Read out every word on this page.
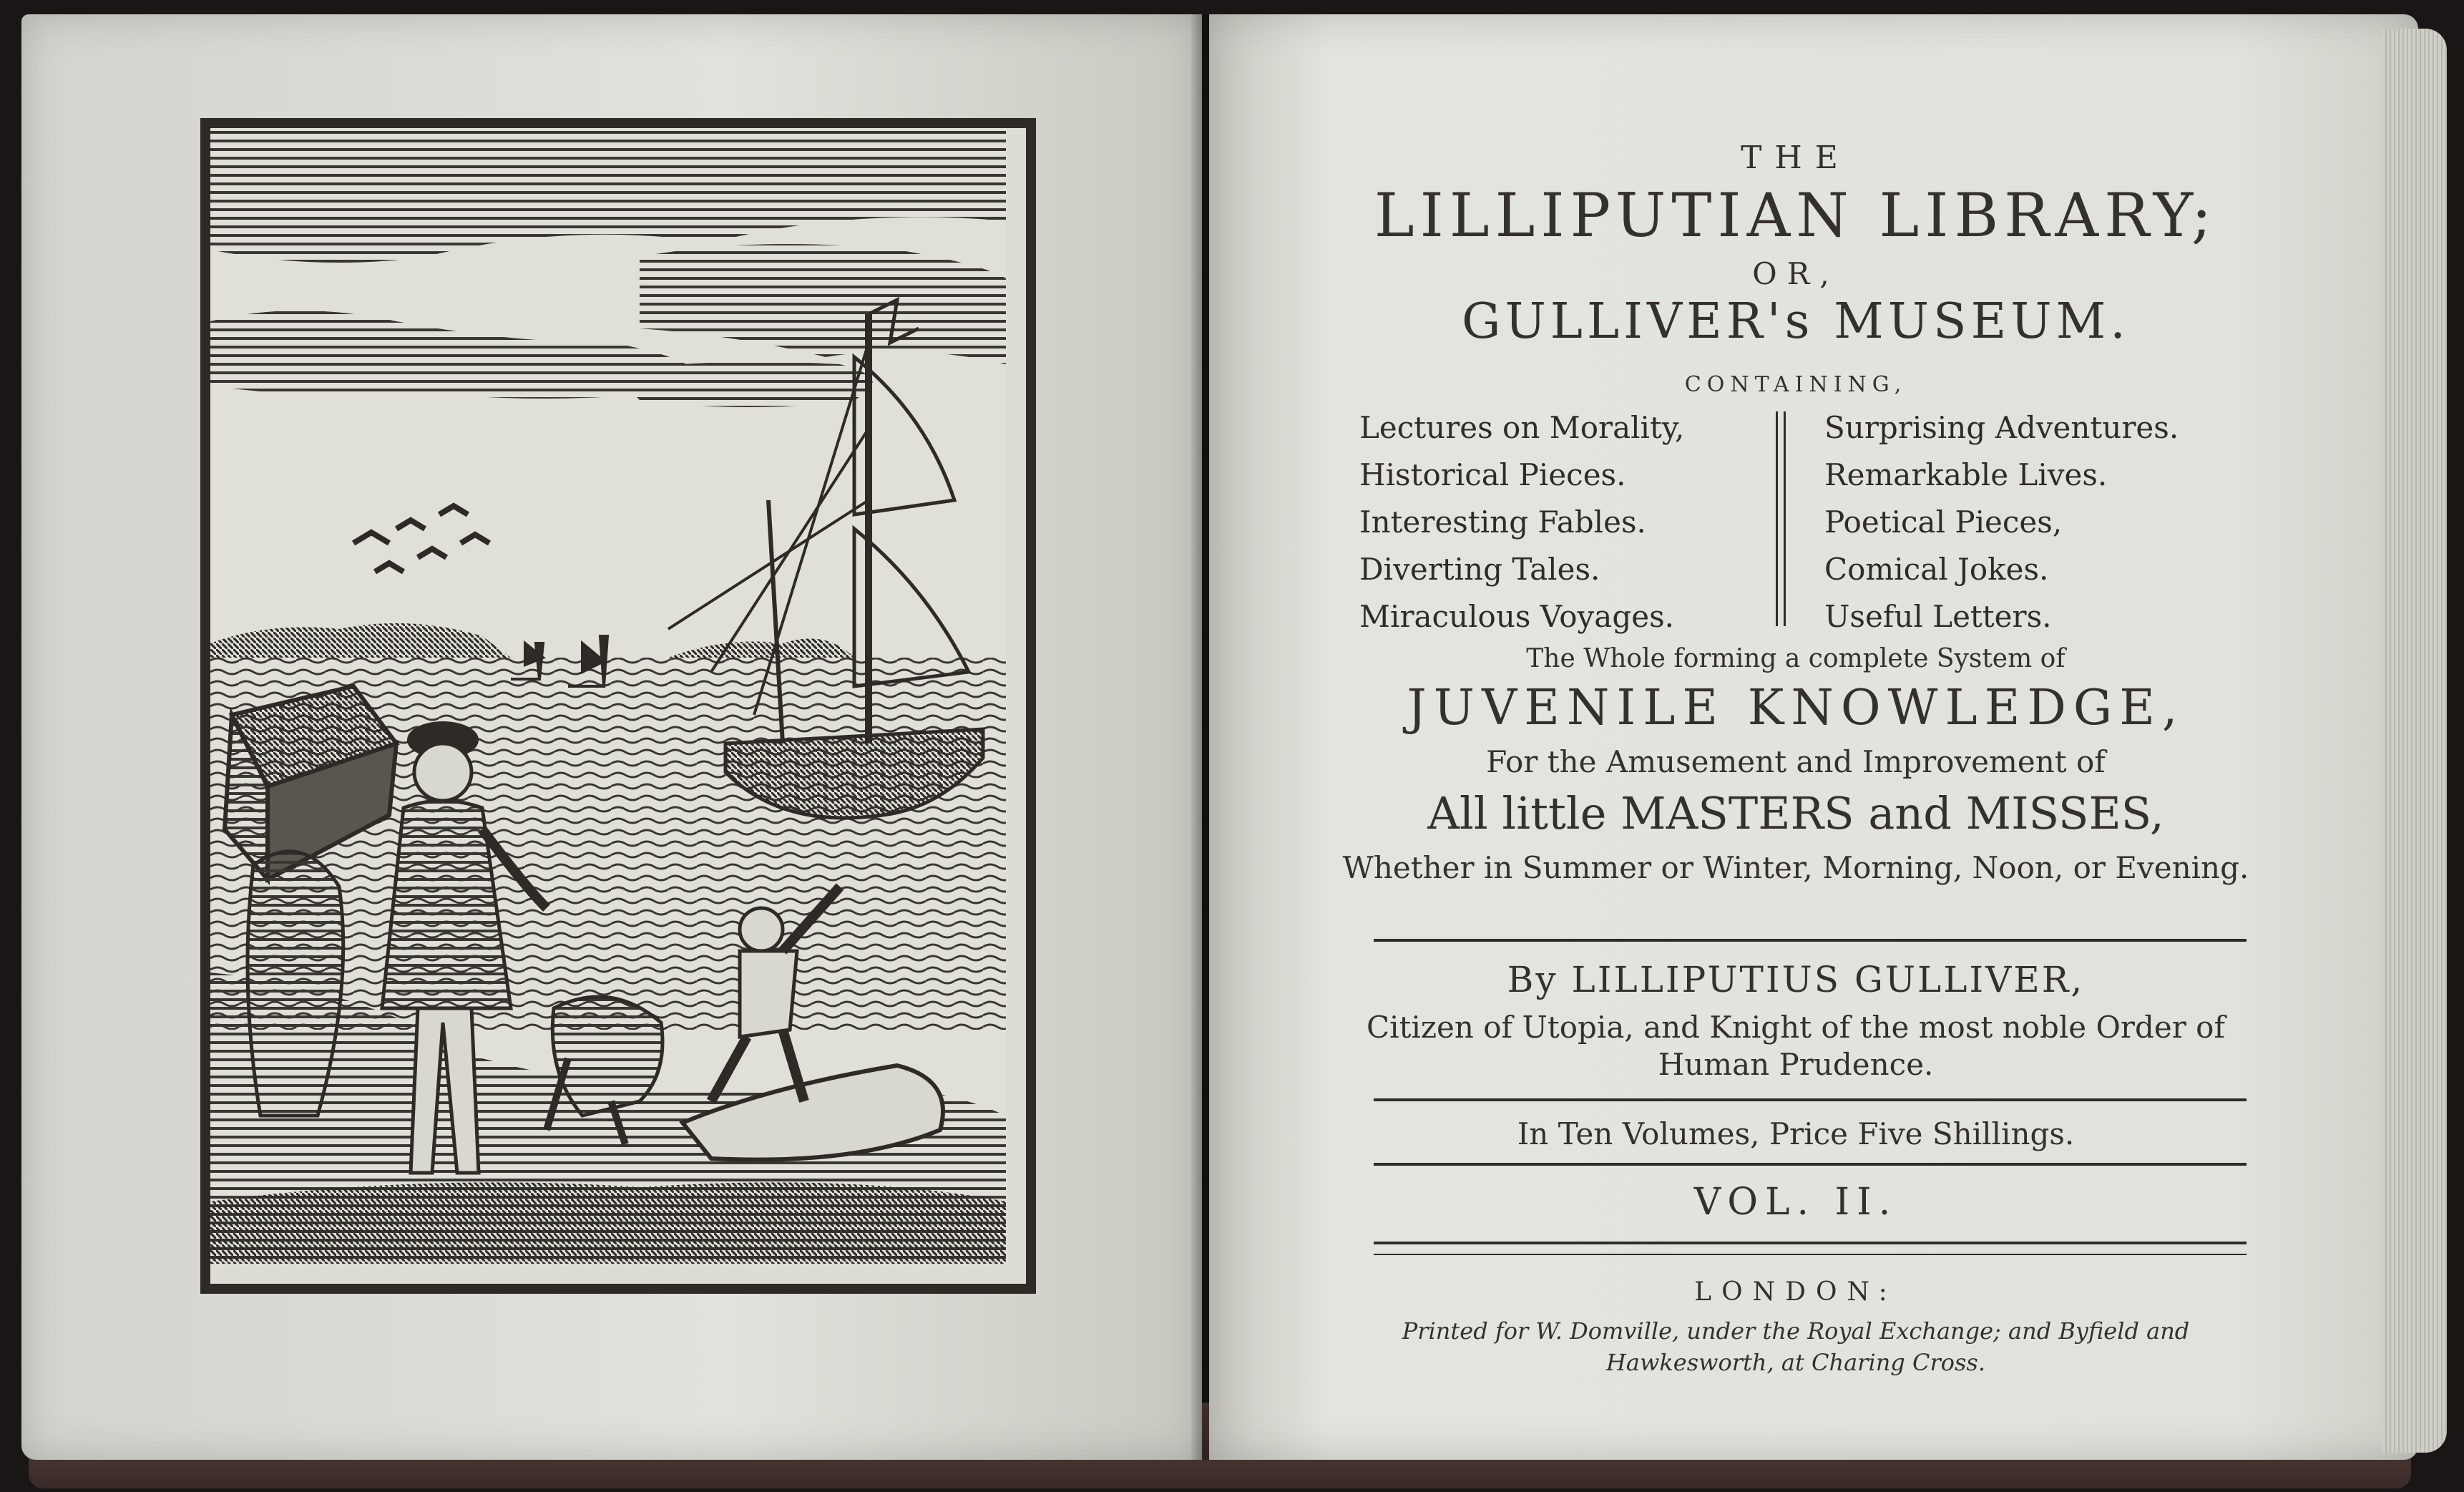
THE
LILLIPUTIAN LIBRARY;
OR,
GULLIVER's MUSEUM.
CONTAINING,
Lectures on Morality,
Historical Pieces.
Interesting Fables.
Diverting Tales.
Miraculous Voyages.
Surprising Adventures.
Remarkable Lives.
Poetical Pieces,
Comical Jokes.
Useful Letters.
The Whole forming a complete System of
JUVENILE KNOWLEDGE,
For the Amusement and Improvement of
All little MASTERS and MISSES,
Whether in Summer or Winter, Morning, Noon, or Evening.
By LILLIPUTIUS GULLIVER,
Citizen of Utopia, and Knight of the most noble Order of Human Prudence.
In Ten Volumes, Price Five Shillings.
VOL. II.
LONDON:
Printed for W. Domville, under the Royal Exchange; and Byfield and Hawkesworth, at Charing Cross.
